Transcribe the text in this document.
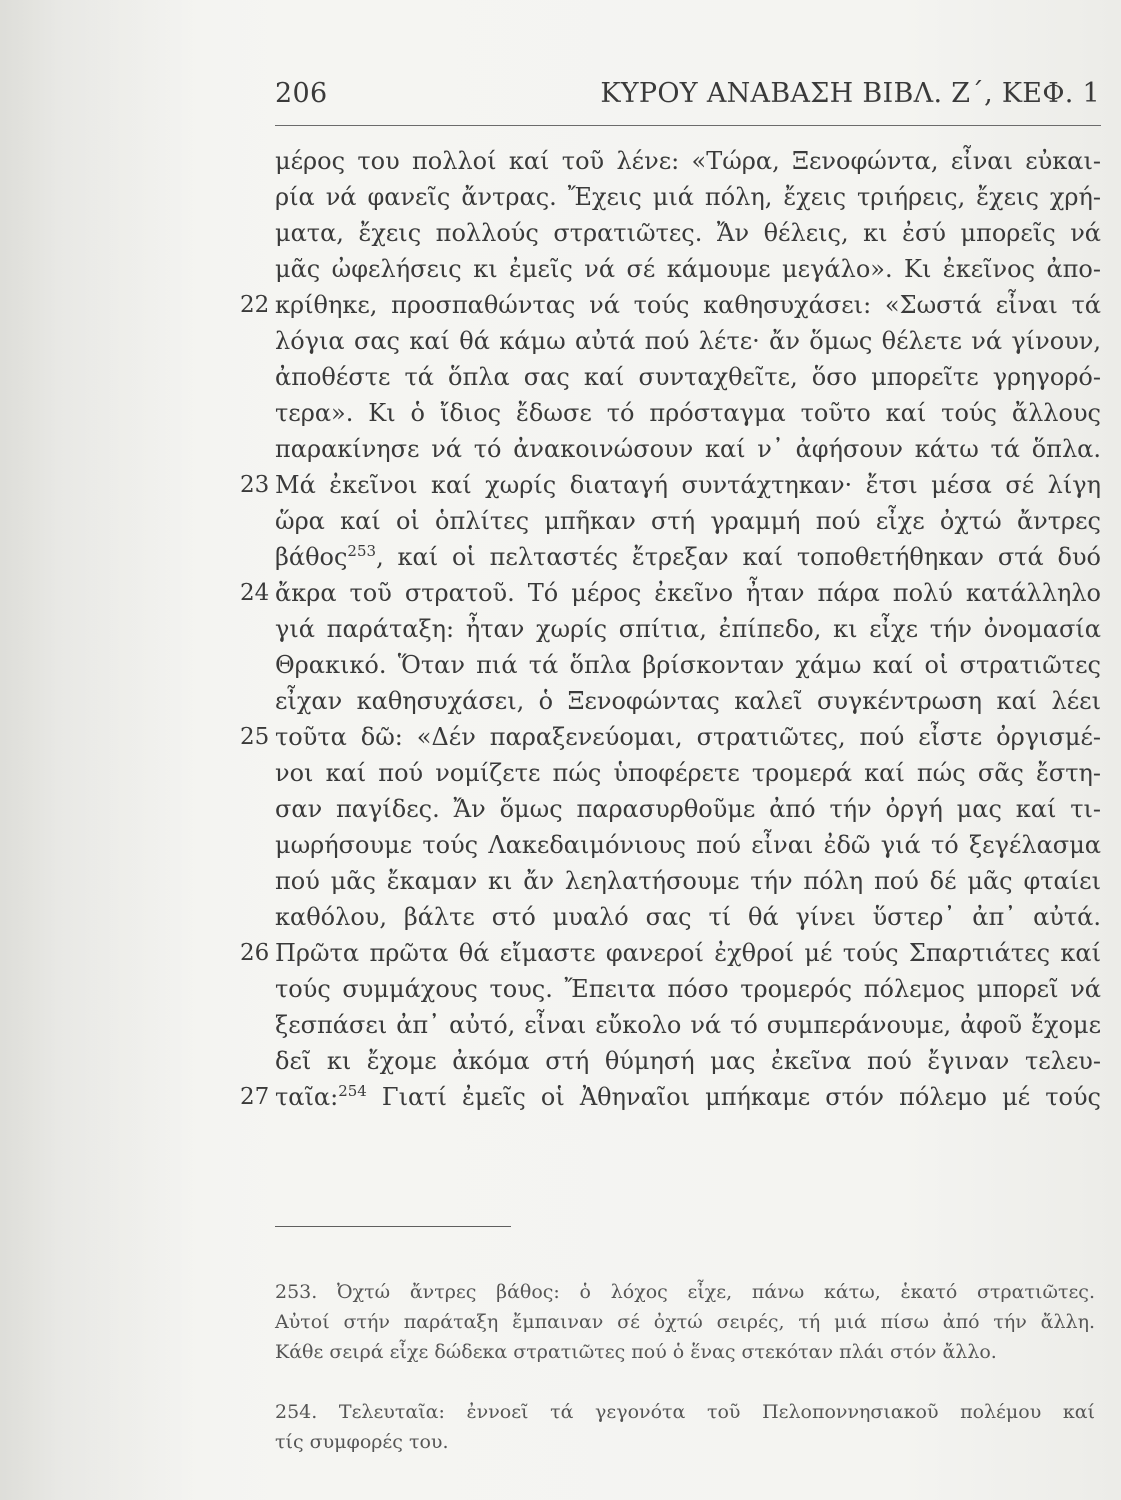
206	ΚΥΡΟΥ ΑΝΑΒΑΣΗ ΒΙΒΛ. Ζ΄, ΚΕΦ. 1
μέρος του πολλοί καί τοῦ λένε: «Τώρα, Ξενοφώντα, εἶναι εὐκαι-
ρία νά φανεῖς ἄντρας. Ἔχεις μιά πόλη, ἔχεις τριήρεις, ἔχεις χρή-
ματα, ἔχεις πολλούς στρατιῶτες. Ἄν θέλεις, κι ἐσύ μπορεῖς νά
μᾶς ὠφελήσεις κι ἐμεῖς νά σέ κάμουμε μεγάλο». Κι ἐκεῖνος ἀπο-
22 κρίθηκε, προσπαθώντας νά τούς καθησυχάσει: «Σωστά εἶναι τά
λόγια σας καί θά κάμω αὐτά πού λέτε· ἄν ὅμως θέλετε νά γίνουν,
ἀποθέστε τά ὅπλα σας καί συνταχθεῖτε, ὅσο μπορεῖτε γρηγορό-
τερα». Κι ὁ ἴδιος ἔδωσε τό πρόσταγμα τοῦτο καί τούς ἄλλους
παρακίνησε νά τό ἀνακοινώσουν καί ν᾽ ἀφήσουν κάτω τά ὅπλα.
23 Μά ἐκεῖνοι καί χωρίς διαταγή συντάχτηκαν· ἔτσι μέσα σέ λίγη
ὥρα καί οἱ ὁπλίτες μπῆκαν στή γραμμή πού εἶχε ὀχτώ ἄντρες
βάθος$^{253}$, καί οἱ πελταστές ἔτρεξαν καί τοποθετήθηκαν στά δυό
24 ἄκρα τοῦ στρατοῦ. Τό μέρος ἐκεῖνο ἦταν πάρα πολύ κατάλληλο
γιά παράταξη: ἦταν χωρίς σπίτια, ἐπίπεδο, κι εἶχε τήν ὀνομασία
Θρακικό. Ὅταν πιά τά ὅπλα βρίσκονταν χάμω καί οἱ στρατιῶτες
εἶχαν καθησυχάσει, ὁ Ξενοφώντας καλεῖ συγκέντρωση καί λέει
25 τοῦτα δῶ: «Δέν παραξενεύομαι, στρατιῶτες, πού εἶστε ὀργισμέ-
νοι καί πού νομίζετε πώς ὑποφέρετε τρομερά καί πώς σᾶς ἔστη-
σαν παγίδες. Ἄν ὅμως παρασυρθοῦμε ἀπό τήν ὀργή μας καί τι-
μωρήσουμε τούς Λακεδαιμόνιους πού εἶναι ἐδῶ γιά τό ξεγέλασμα
πού μᾶς ἔκαμαν κι ἄν λεηλατήσουμε τήν πόλη πού δέ μᾶς φταίει
καθόλου, βάλτε στό μυαλό σας τί θά γίνει ὕστερ᾽ ἀπ᾽ αὐτά.
26 Πρῶτα πρῶτα θά εἴμαστε φανεροί ἐχθροί μέ τούς Σπαρτιάτες καί
τούς συμμάχους τους. Ἔπειτα πόσο τρομερός πόλεμος μπορεῖ νά
ξεσπάσει ἀπ᾽ αὐτό, εἶναι εὔκολο νά τό συμπεράνουμε, ἀφοῦ ἔχομε
δεῖ κι ἔχομε ἀκόμα στή θύμησή μας ἐκεῖνα πού ἔγιναν τελευ-
27 ταῖα:$^{254}$ Γιατί ἐμεῖς οἱ Ἀθηναῖοι μπήκαμε στόν πόλεμο μέ τούς
253. Ὀχτώ ἄντρες βάθος: ὁ λόχος εἶχε, πάνω κάτω, ἑκατό στρατιῶτες.
Αὐτοί στήν παράταξη ἔμπαιναν σέ ὀχτώ σειρές, τή μιά πίσω ἀπό τήν ἄλλη.
Κάθε σειρά εἶχε δώδεκα στρατιῶτες πού ὁ ἕνας στεκόταν πλάι στόν ἄλλο.
254. Τελευταῖα: ἐννοεῖ τά γεγονότα τοῦ Πελοποννησιακοῦ πολέμου καί
τίς συμφορές του.
